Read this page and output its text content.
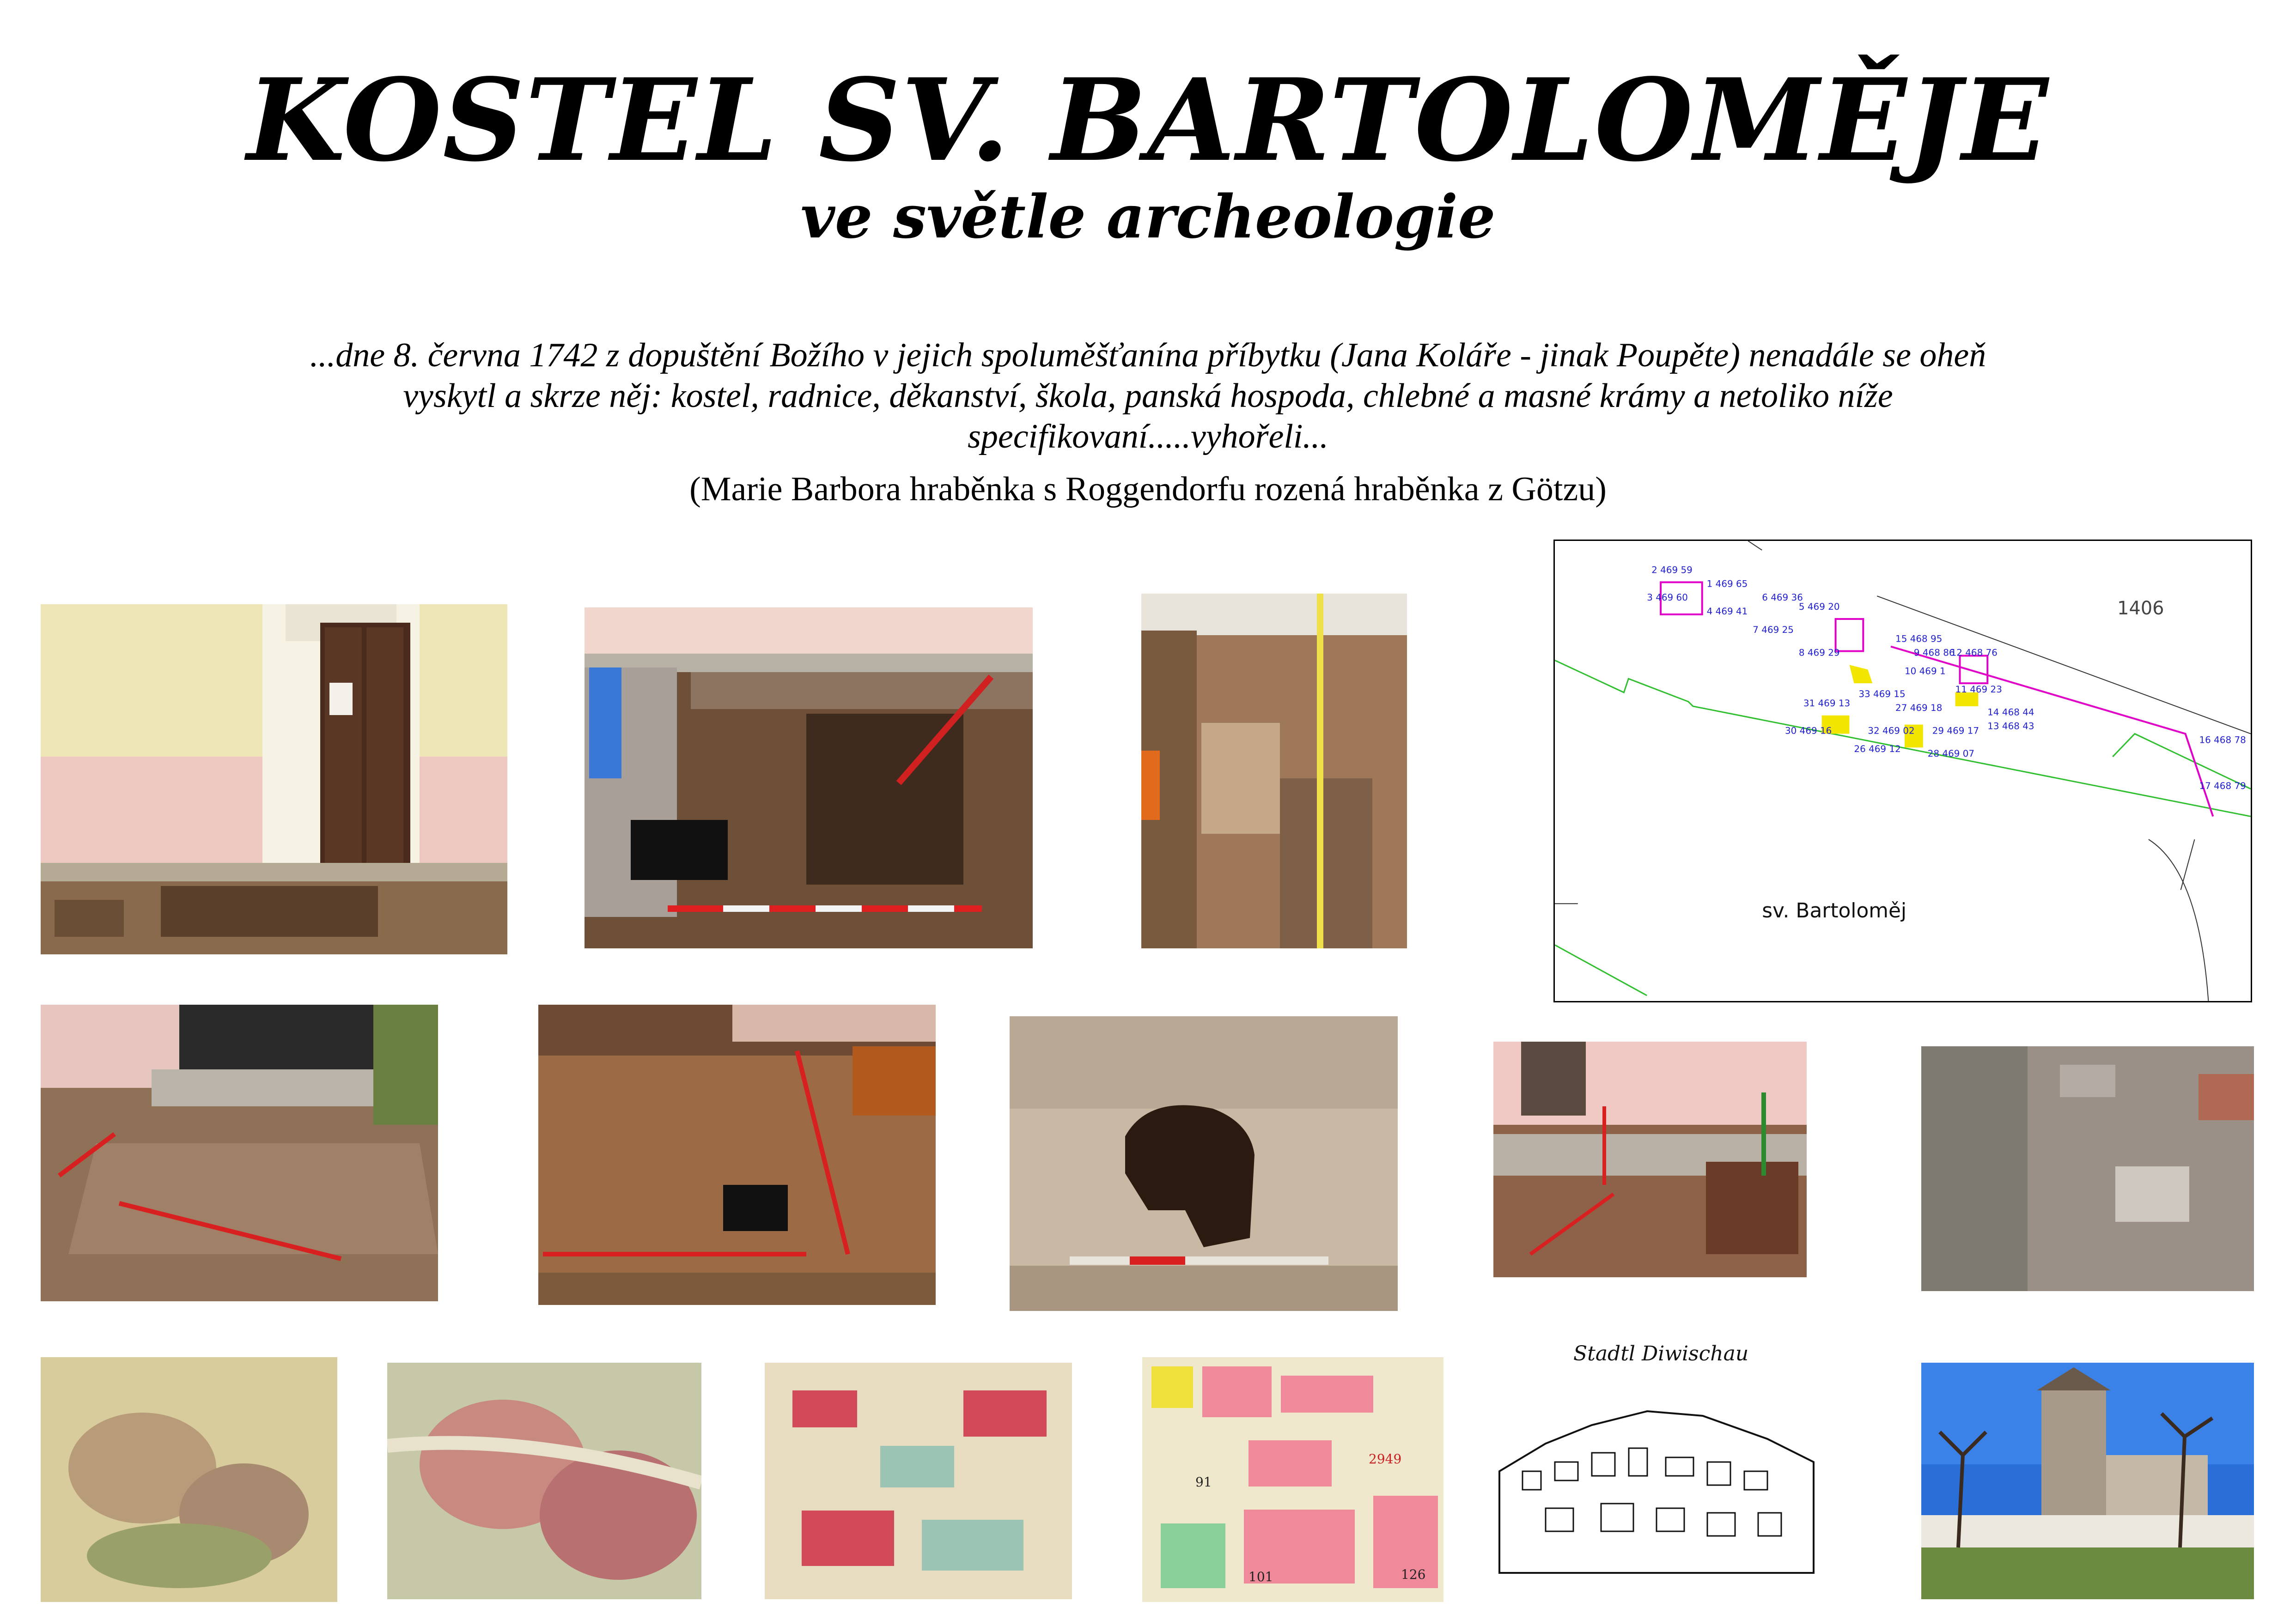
KOSTEL SV. BARTOLOMĚJE
ve světle archeologie
...dne 8. června 1742 z dopuštění Božího v jejich spoluměšťanína příbytku (Jana Koláře - jinak Poupěte) nenadále se oheň
vyskytl a skrze něj: kostel, radnice, děkanství, škola, panská hospoda, chlebné a masné krámy a netoliko níže
specifikovaní.....vyhořeli...
(Marie Barbora hraběnka s Roggendorfu rozená hraběnka z Götzu)
1406
sv. Bartoloměj
2 469 59
1 469 65
3 469 60
4 469 41
6 469 36
5 469 20
7 469 25
8 469 29
15 468 95
9 468 86
12 468 76
10 469 1
11 469 23
31 469 13
33 469 15
27 469 18	14 468 44
13 468 43
30 469 16	32 469 02 29 469 17
26 469 12	28 469 07
16 468 78
17 468 79
91
2949
101	126
Stadtl Diwischau
